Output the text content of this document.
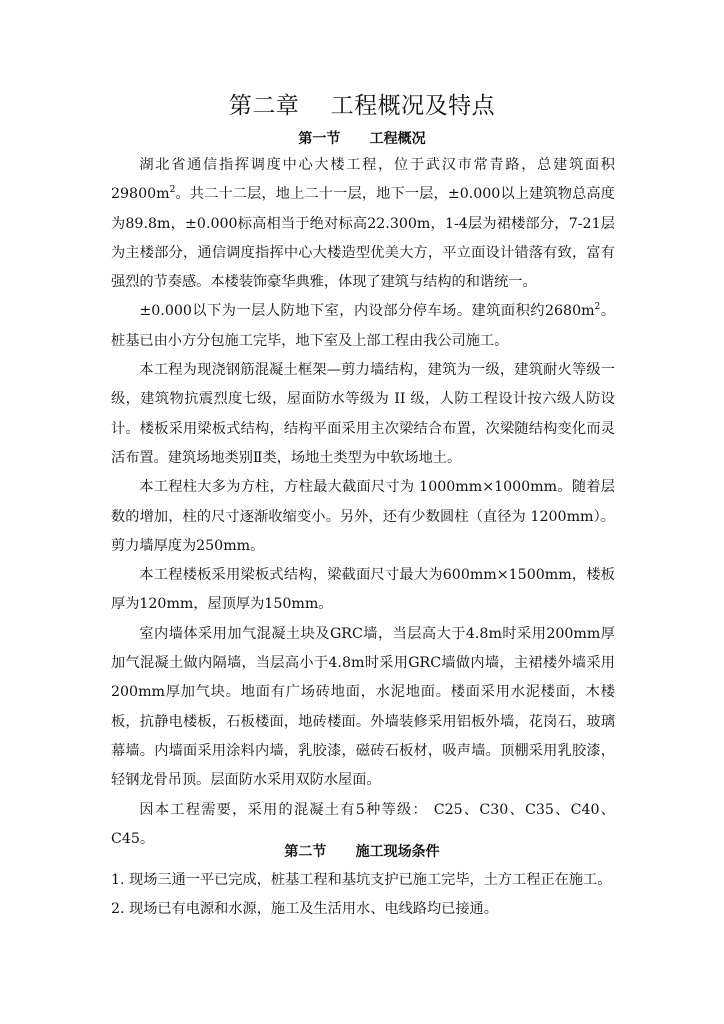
第二章    工程概况及特点
第一节      工程概况

湖北省通信指挥调度中心大楼工程，位于武汉市常青路，总建筑面积$29800m^2$。共二十二层，地上二十一层，地下一层，±0.000以上建筑物总高度为89.8m，±0.000标高相当于绝对标高22.300m，1-4层为裙楼部分，7-21层为主楼部分，通信调度指挥中心大楼造型优美大方，平立面设计错落有致，富有强烈的节奏感。本楼装饰豪华典雅，体现了建筑与结构的和谐统一。

±0.000以下为一层人防地下室，内设部分停车场。建筑面积约$2680m^2$。桩基已由小方分包施工完毕，地下室及上部工程由我公司施工。

本工程为现浇钢筋混凝土框架—剪力墙结构，建筑为一级，建筑耐火等级一级，建筑物抗震烈度七级，屋面防水等级为 II 级，人防工程设计按六级人防设计。楼板采用梁板式结构，结构平面采用主次梁结合布置，次梁随结构变化而灵活布置。建筑场地类别Ⅱ类，场地土类型为中软场地土。

本工程柱大多为方柱，方柱最大截面尺寸为 1000mm×1000mm。随着层数的增加，柱的尺寸逐渐收缩变小。另外，还有少数圆柱（直径为 1200mm）。剪力墙厚度为250mm。

本工程楼板采用梁板式结构，梁截面尺寸最大为600mm×1500mm，楼板厚为120mm，屋顶厚为150mm。

室内墙体采用加气混凝土块及GRC墙，当层高大于4.8m时采用200mm厚加气混凝土做内隔墙，当层高小于4.8m时采用GRC墙做内墙，主裙楼外墙采用200mm厚加气块。地面有广场砖地面，水泥地面。楼面采用水泥楼面，木楼板，抗静电楼板，石板楼面，地砖楼面。外墙装修采用铝板外墙，花岗石，玻璃幕墙。内墙面采用涂料内墙，乳胶漆，磁砖石板材，吸声墙。顶棚采用乳胶漆，轻钢龙骨吊顶。层面防水采用双防水屋面。

因本工程需要，采用的混凝土有5种等级： C25、C30、C35、C40、C45。

第二节      施工现场条件
1. 现场三通一平已完成，桩基工程和基坑支护已施工完毕，土方工程正在施工。
2. 现场已有电源和水源，施工及生活用水、电线路均已接通。
